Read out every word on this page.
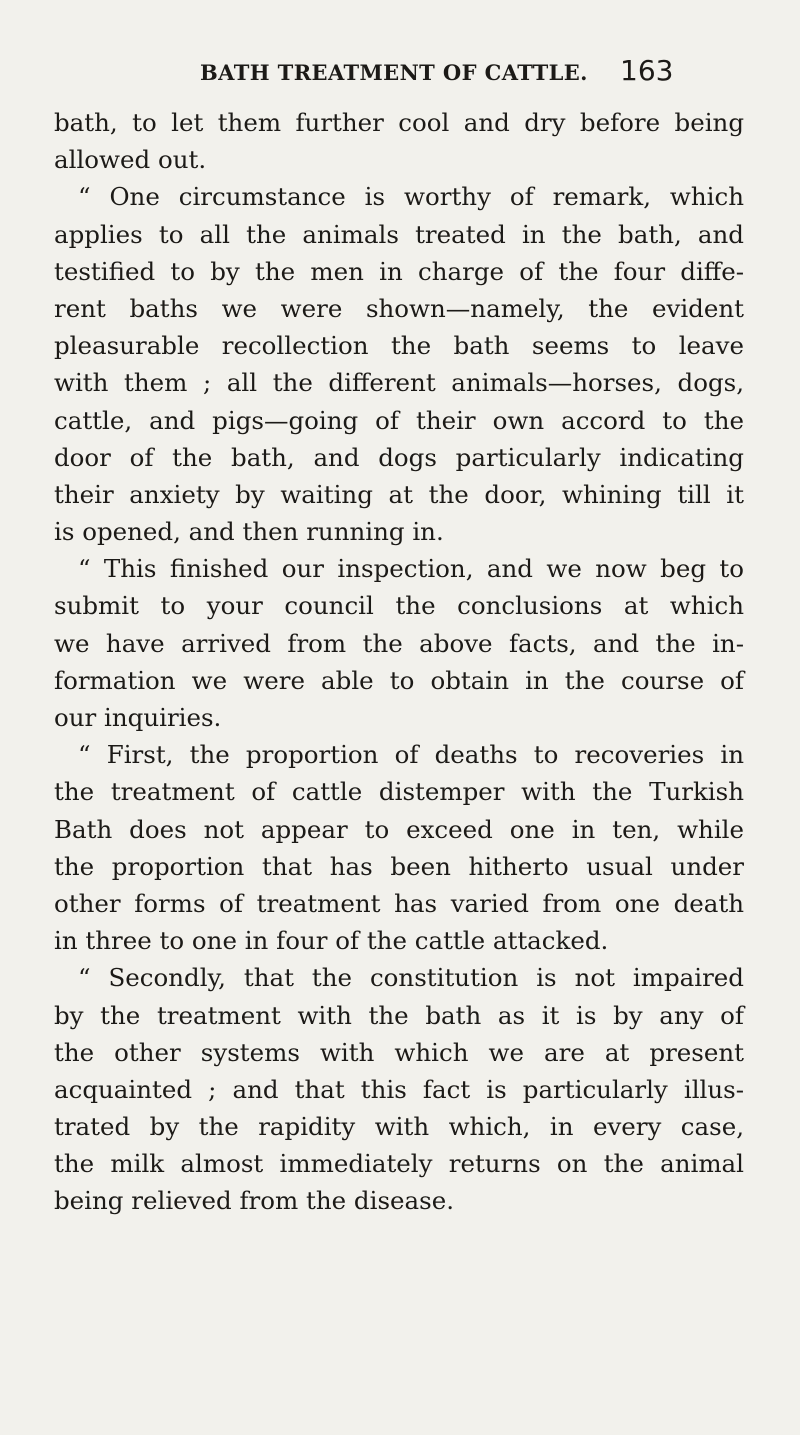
BATH TREATMENT OF CATTLE. 163
bath, to let them further cool and dry before being
allowed out.
“ One circumstance is worthy of remark, which
applies to all the animals treated in the bath, and
testified to by the men in charge of the four diffe-
rent baths we were shown—namely, the evident
pleasurable recollection the bath seems to leave
with them ; all the different animals—horses, dogs,
cattle, and pigs—going of their own accord to the
door of the bath, and dogs particularly indicating
their anxiety by waiting at the door, whining till it
is opened, and then running in.
“ This finished our inspection, and we now beg to
submit to your council the conclusions at which
we have arrived from the above facts, and the in-
formation we were able to obtain in the course of
our inquiries.
“ First, the proportion of deaths to recoveries in
the treatment of cattle distemper with the Turkish
Bath does not appear to exceed one in ten, while
the proportion that has been hitherto usual under
other forms of treatment has varied from one death
in three to one in four of the cattle attacked.
“ Secondly, that the constitution is not impaired
by the treatment with the bath as it is by any of
the other systems with which we are at present
acquainted ; and that this fact is particularly illus-
trated by the rapidity with which, in every case,
the milk almost immediately returns on the animal
being relieved from the disease.
